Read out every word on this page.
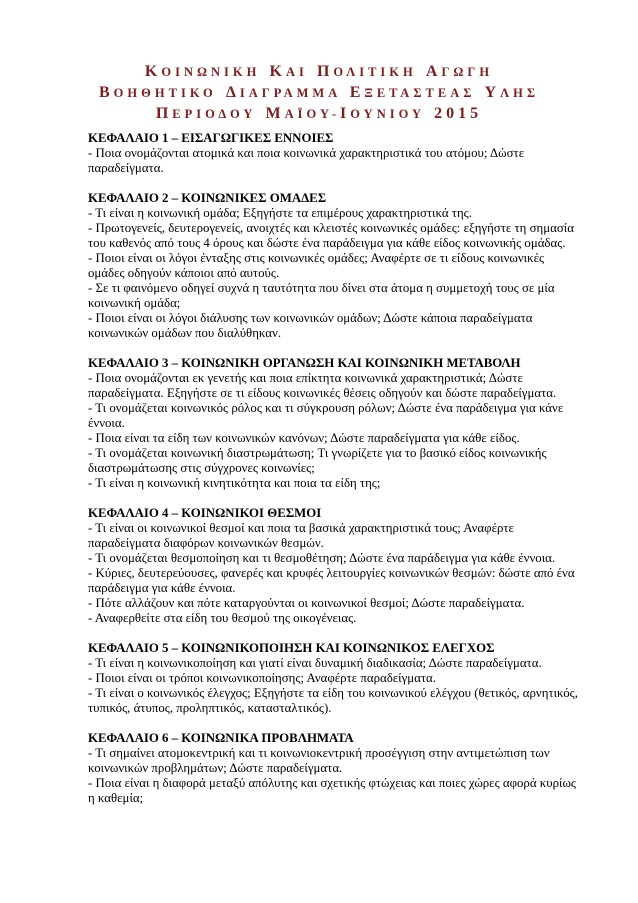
ΚΟΙΝΩΝΙΚΗ ΚΑΙ ΠΟΛΙΤΙΚΗ ΑΓΩΓΗ
ΒΟΗΘΗΤΙΚΟ ΔΙΑΓΡΑΜΜΑ ΕΞΕΤΑΣΤΕΑΣ ΥΛΗΣ
ΠΕΡΙΟΔΟΥ ΜΑΪΟΥ-ΙΟΥΝΙΟΥ 2015

ΚΕΦΑΛΑΙΟ 1 – ΕΙΣΑΓΩΓΙΚΕΣ ΕΝΝΟΙΕΣ

- Ποια ονομάζονται ατομικά και ποια κοινωνικά χαρακτηριστικά του ατόμου; Δώστε παραδείγματα.

ΚΕΦΑΛΑΙΟ 2 – ΚΟΙΝΩΝΙΚΕΣ ΟΜΑΔΕΣ

- Τι είναι η κοινωνική ομάδα; Εξηγήστε τα επιμέρους χαρακτηριστικά της.

- Πρωτογενείς, δευτερογενείς, ανοιχτές και κλειστές κοινωνικές ομάδες: εξηγήστε τη σημασία του καθενός από τους 4 όρους και δώστε ένα παράδειγμα για κάθε είδος κοινωνικής ομάδας.

- Ποιοι είναι οι λόγοι ένταξης στις κοινωνικές ομάδες; Αναφέρτε σε τι είδους κοινωνικές ομάδες οδηγούν κάποιοι από αυτούς.

- Σε τι φαινόμενο οδηγεί συχνά η ταυτότητα που δίνει στα άτομα η συμμετοχή τους σε μία κοινωνική ομάδα;

- Ποιοι είναι οι λόγοι διάλυσης των κοινωνικών ομάδων; Δώστε κάποια παραδείγματα κοινωνικών ομάδων που διαλύθηκαν.

ΚΕΦΑΛΑΙΟ 3 – ΚΟΙΝΩΝΙΚΗ ΟΡΓΑΝΩΣΗ ΚΑΙ ΚΟΙΝΩΝΙΚΗ ΜΕΤΑΒΟΛΗ

- Ποια ονομάζονται εκ γενετής και ποια επίκτητα κοινωνικά χαρακτηριστικά; Δώστε παραδείγματα. Εξηγήστε σε τι είδους κοινωνικές θέσεις οδηγούν και δώστε παραδείγματα.

- Τι ονομάζεται κοινωνικός ρόλος και τι σύγκρουση ρόλων; Δώστε ένα παράδειγμα για κάνε έννοια.

- Ποια είναι τα είδη των κοινωνικών κανόνων; Δώστε παραδείγματα για κάθε είδος.

- Τι ονομάζεται κοινωνική διαστρωμάτωση; Τι γνωρίζετε για το βασικό είδος κοινωνικής διαστρωμάτωσης στις σύγχρονες κοινωνίες;

- Τι είναι η κοινωνική κινητικότητα και ποια τα είδη της;

ΚΕΦΑΛΑΙΟ 4 – ΚΟΙΝΩΝΙΚΟΙ ΘΕΣΜΟΙ

- Τι είναι οι κοινωνικοί θεσμοί και ποια τα βασικά χαρακτηριστικά τους; Αναφέρτε παραδείγματα διαφόρων κοινωνικών θεσμών.

- Τι ονομάζεται θεσμοποίηση και τι θεσμοθέτηση; Δώστε ένα παράδειγμα για κάθε έννοια.

- Κύριες, δευτερεύουσες, φανερές και κρυφές λειτουργίες κοινωνικών θεσμών: δώστε από ένα παράδειγμα για κάθε έννοια.

- Πότε αλλάζουν και πότε καταργούνται οι κοινωνικοί θεσμοί; Δώστε παραδείγματα.

- Αναφερθείτε στα είδη του θεσμού της οικογένειας.

ΚΕΦΑΛΑΙΟ 5 – ΚΟΙΝΩΝΙΚΟΠΟΙΗΣΗ ΚΑΙ ΚΟΙΝΩΝΙΚΟΣ ΕΛΕΓΧΟΣ

- Τι είναι η κοινωνικοποίηση και γιατί είναι δυναμική διαδικασία; Δώστε παραδείγματα.

- Ποιοι είναι οι τρόποι κοινωνικοποίησης; Αναφέρτε παραδείγματα.

- Τι είναι ο κοινωνικός έλεγχος; Εξηγήστε τα είδη του κοινωνικού ελέγχου (θετικός, αρνητικός, τυπικός, άτυπος, προληπτικός, κατασταλτικός).

ΚΕΦΑΛΑΙΟ 6 – ΚΟΙΝΩΝΙΚΑ ΠΡΟΒΛΗΜΑΤΑ

- Τι σημαίνει ατομοκεντρική και τι κοινωνιοκεντρική προσέγγιση στην αντιμετώπιση των κοινωνικών προβλημάτων; Δώστε παραδείγματα.

- Ποια είναι η διαφορά μεταξύ απόλυτης και σχετικής φτώχειας και ποιες χώρες αφορά κυρίως η καθεμία;
